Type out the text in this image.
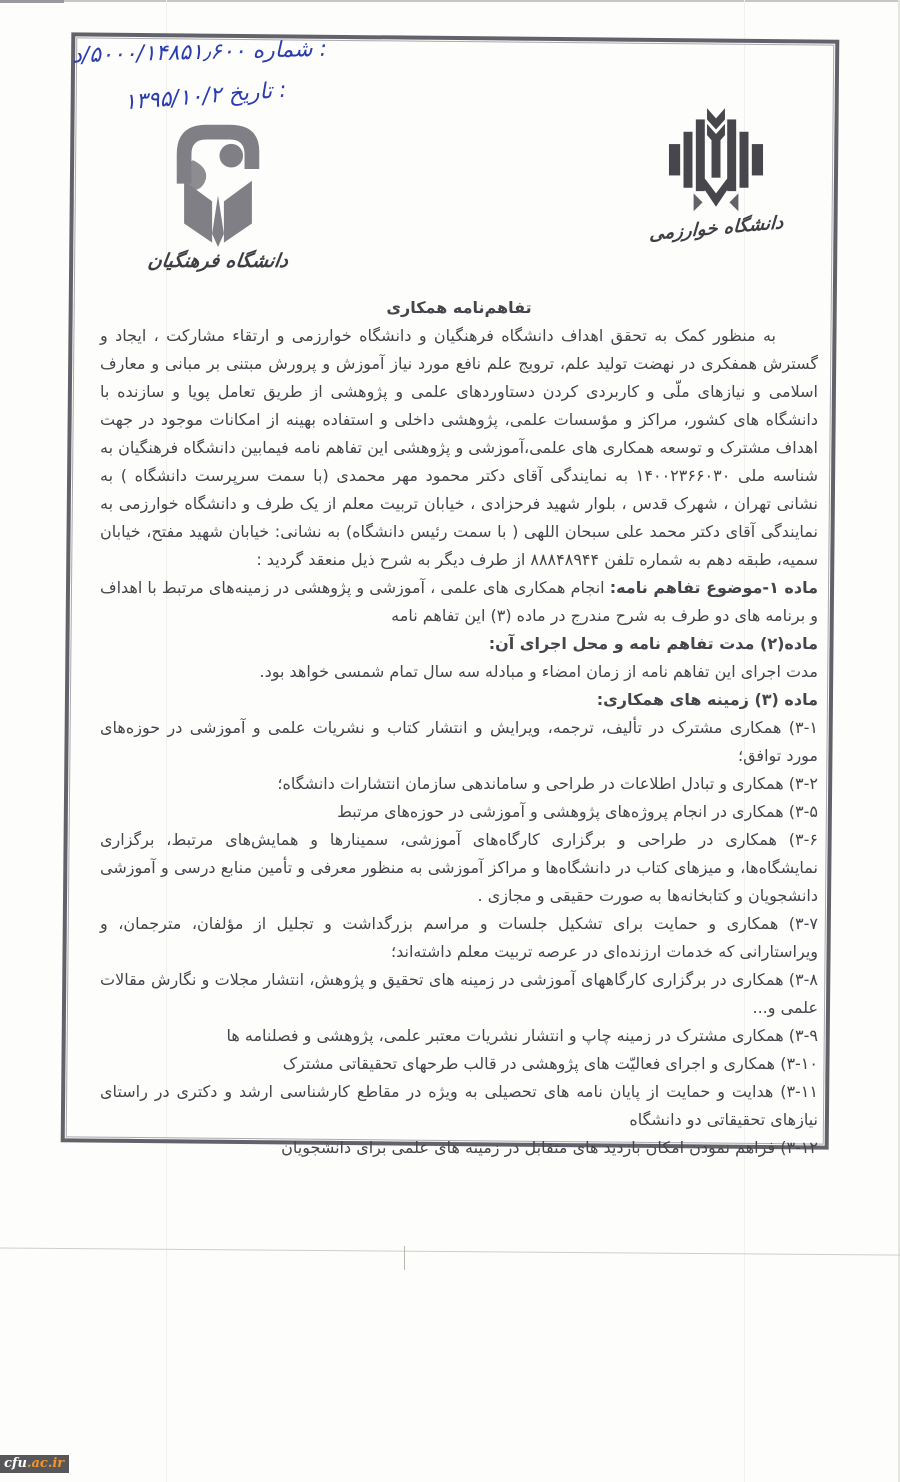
د/۵۰۰۰/۱۴۸۵۱٫۶۰۰ شماره :
۱۳۹۵/۱۰/۲ تاریخ :
دانشگاه فرهنگیان
دانشگاه خوارزمی

تفاهم‌نامه همکاری

به منظور کمک به تحقق اهداف دانشگاه فرهنگیان و دانشگاه خوارزمی و ارتقاء مشارکت ، ایجاد و گسترش همفکری در نهضت تولید علم، ترویج علم نافع مورد نیاز آموزش و پرورش مبتنی بر مبانی و معارف اسلامی و نیازهای ملّی و کاربردی کردن دستاوردهای علمی و پژوهشی از طریق تعامل پویا و سازنده با دانشگاه های کشور، مراکز و مؤسسات علمی، پژوهشی داخلی و استفاده بهینه از امکانات موجود در جهت اهداف مشترک و توسعه همکاری های علمی،آموزشی و پژوهشی این تفاهم نامه فیمابین دانشگاه فرهنگیان به شناسه ملی ۱۴۰۰۲۳۶۶۰۳۰ به نمایندگی آقای دکتر محمود مهر محمدی (با سمت سرپرست دانشگاه ) به نشانی تهران ، شهرک قدس ، بلوار شهید فرحزادی ، خیابان تربیت معلم از یک طرف و دانشگاه خوارزمی به نمایندگی آقای دکتر محمد علی سبحان اللهی ( با سمت رئیس دانشگاه) به نشانی: خیابان شهید مفتح، خیابان سمیه، طبقه دهم به شماره تلفن ۸۸۸۴۸۹۴۴ از طرف دیگر به شرح ذیل منعقد گردید :

ماده ۱-موضوع تفاهم نامه: انجام همکاری های علمی ، آموزشی و پژوهشی در زمینه‌های مرتبط با اهداف و برنامه های دو طرف به شرح مندرج در ماده (۳) این تفاهم نامه

ماده(۲) مدت تفاهم نامه و محل اجرای آن:

مدت اجرای این تفاهم نامه از زمان امضاء و مبادله سه سال تمام شمسی خواهد بود.

ماده (۳) زمینه های همکاری:

۳-۱) همکاری مشترک در تألیف، ترجمه، ویرایش و انتشار کتاب و نشریات علمی و آموزشی در حوزه‌های مورد توافق؛

۳-۲) همکاری و تبادل اطلاعات در طراحی و ساماندهی سازمان انتشارات دانشگاه؛

۳-۵) همکاری در انجام پروژه‌های پژوهشی و آموزشی در حوزه‌های مرتبط

۳-۶) همکاری در طراحی و برگزاری کارگاه‌های آموزشی، سمینارها و همایش‌های مرتبط، برگزاری نمایشگاه‌ها، و میزهای کتاب در دانشگاه‌ها و مراکز آموزشی به منظور معرفی و تأمین منابع درسی و آموزشی دانشجویان و کتابخانه‌ها به صورت حقیقی و مجازی .

۳-۷) همکاری و حمایت برای تشکیل جلسات و مراسم بزرگداشت و تجلیل از مؤلفان، مترجمان، و ویراستارانی که خدمات ارزنده‌ای در عرصه تربیت معلم داشته‌اند؛

۳-۸) همکاری در برگزاری کارگاههای آموزشی در زمینه های تحقیق و پژوهش، انتشار مجلات و نگارش مقالات علمی و...

۳-۹) همکاری مشترک در زمینه چاپ و انتشار نشریات معتبر علمی، پژوهشی و فصلنامه ها

۳-۱۰) همکاری و اجرای فعالیّت های پژوهشی در قالب طرحهای تحقیقاتی مشترک

۳-۱۱) هدایت و حمایت از پایان نامه های تحصیلی به ویژه در مقاطع کارشناسی ارشد و دکتری در راستای نیازهای تحقیقاتی دو دانشگاه

۳-۱۲) فراهم نمودن امکان بازدید های متقابل در زمینه های علمی برای دانشجویان

cfu .ac.ir
